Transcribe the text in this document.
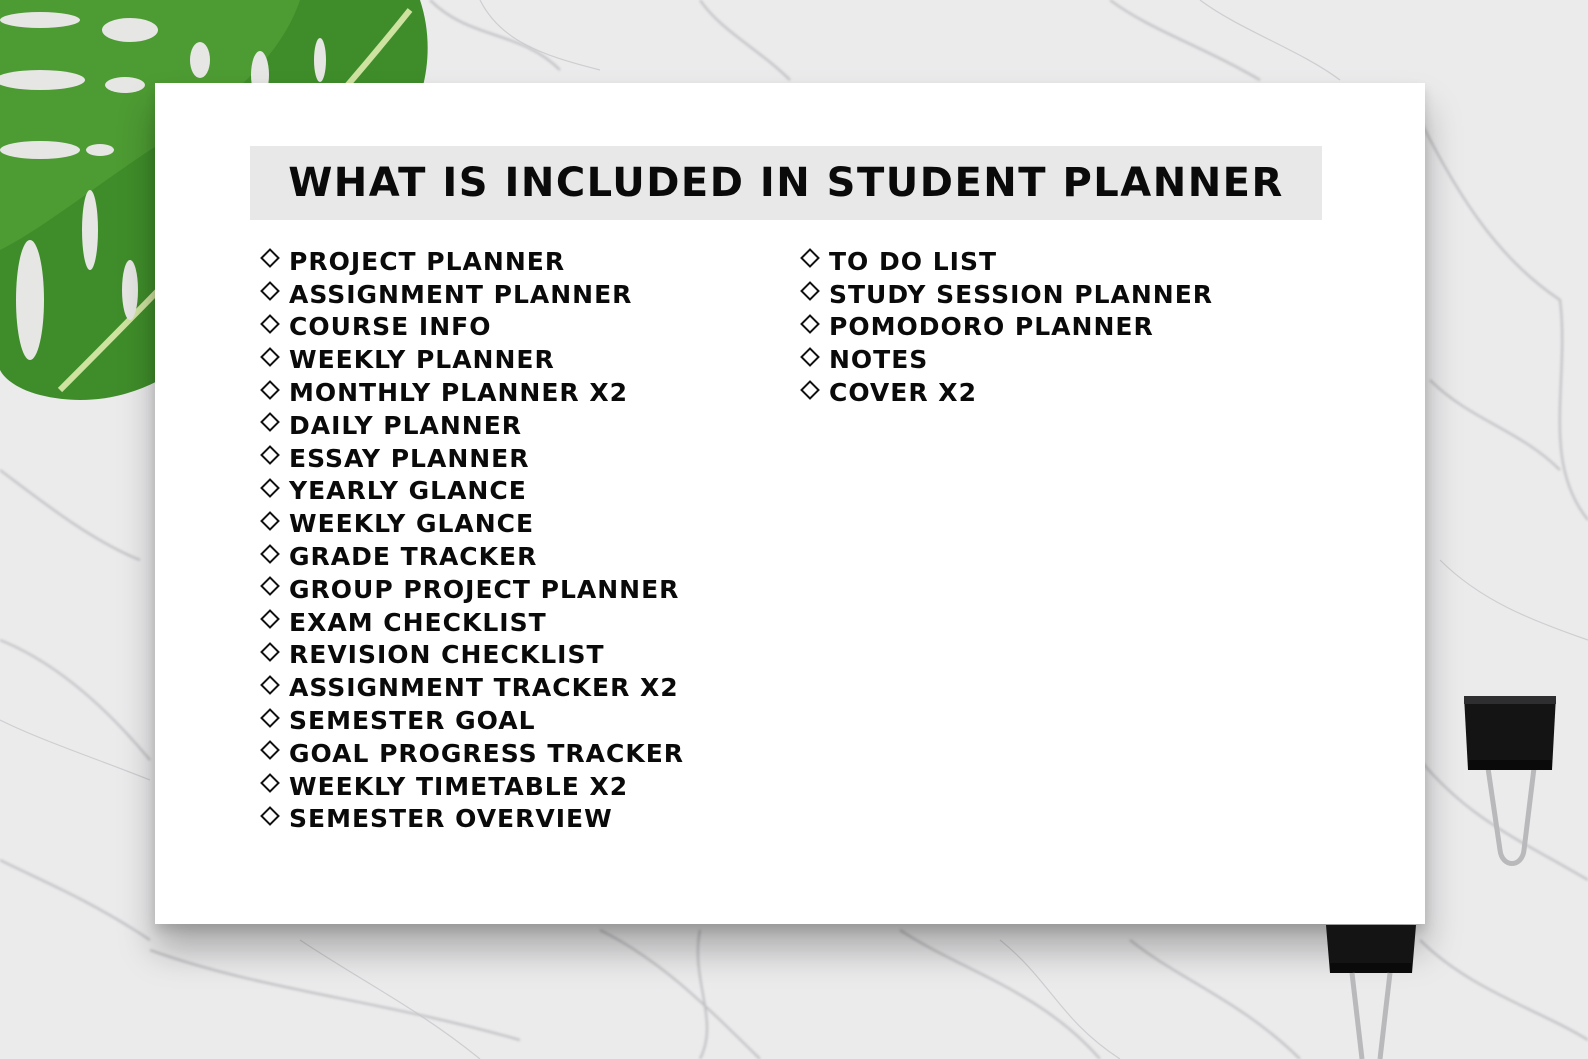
WHAT IS INCLUDED IN STUDENT PLANNER
PROJECT PLANNER
ASSIGNMENT PLANNER
COURSE INFO
WEEKLY PLANNER
MONTHLY PLANNER X2
DAILY PLANNER
ESSAY PLANNER
YEARLY GLANCE
WEEKLY GLANCE
GRADE TRACKER
GROUP PROJECT PLANNER
EXAM CHECKLIST
REVISION CHECKLIST
ASSIGNMENT TRACKER X2
SEMESTER GOAL
GOAL PROGRESS TRACKER
WEEKLY TIMETABLE X2
SEMESTER OVERVIEW
TO DO LIST
STUDY SESSION PLANNER
POMODORO PLANNER
NOTES
COVER X2
